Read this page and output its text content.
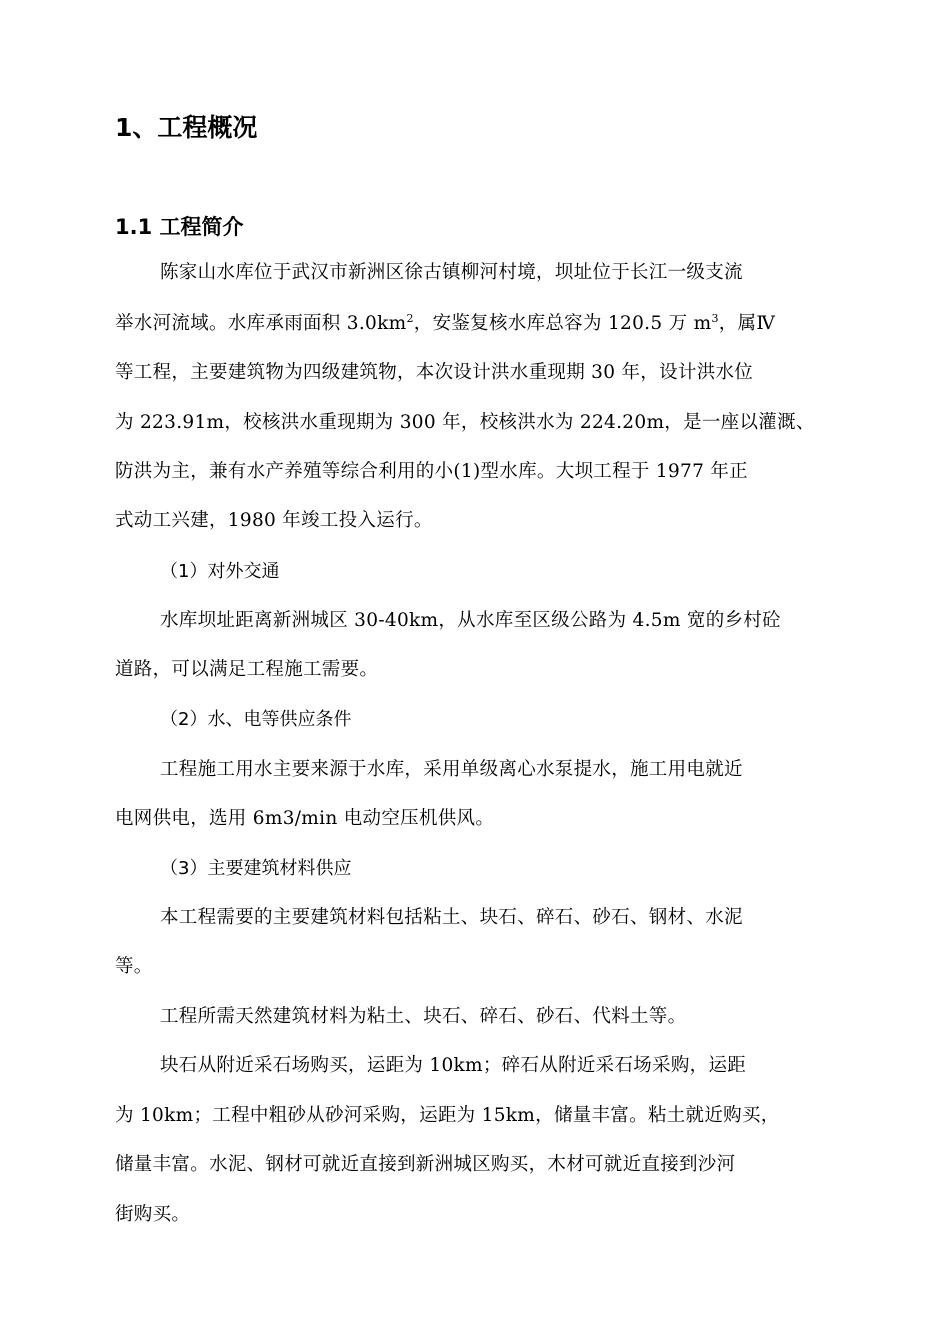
1、工程概况
1.1 工程简介
陈家山水库位于武汉市新洲区徐古镇柳河村境，坝址位于长江一级支流
举水河流域。水库承雨面积 $3.0km^2$，安鉴复核水库总容为 120.5 万 $m^3$，属Ⅳ
等工程，主要建筑物为四级建筑物，本次设计洪水重现期 30 年，设计洪水位
为 223.91m，校核洪水重现期为 300 年，校核洪水为 224.20m，是一座以灌溉、
防洪为主，兼有水产养殖等综合利用的小(1)型水库。大坝工程于 1977 年正
式动工兴建，1980 年竣工投入运行。
（1）对外交通
水库坝址距离新洲城区 30-40km，从水库至区级公路为 4.5m 宽的乡村砼
道路，可以满足工程施工需要。
（2）水、电等供应条件
工程施工用水主要来源于水库，采用单级离心水泵提水，施工用电就近
电网供电，选用 6m3/min 电动空压机供风。
（3）主要建筑材料供应
本工程需要的主要建筑材料包括粘土、块石、碎石、砂石、钢材、水泥
等。
工程所需天然建筑材料为粘土、块石、碎石、砂石、代料土等。
块石从附近采石场购买，运距为 10km；碎石从附近采石场采购，运距
为 10km；工程中粗砂从砂河采购，运距为 15km，储量丰富。粘土就近购买，
储量丰富。水泥、钢材可就近直接到新洲城区购买，木材可就近直接到沙河
街购买。
